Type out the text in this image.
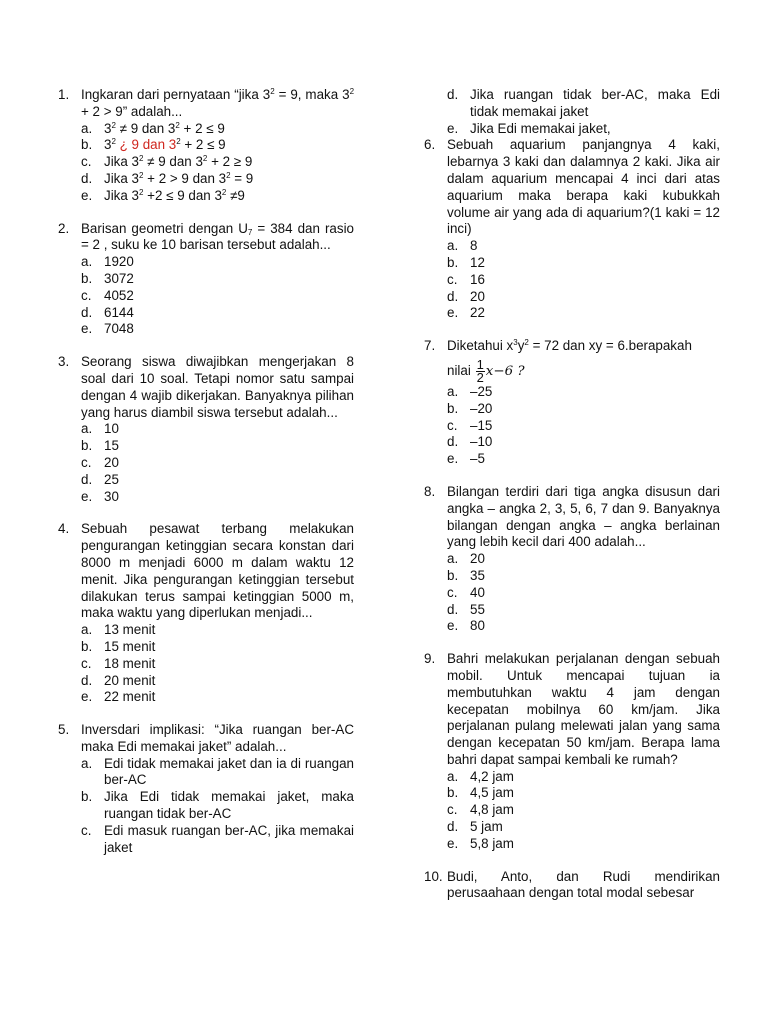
1. Ingkaran dari pernyataan “jika $3^2 = 9$, maka $3^2 + 2 > 9$” adalah...
a. $3^2 \ne 9$ dan $3^2 + 2 \le 9$
b. $3^2$ ¿ 9 dan $3^2 + 2 \le 9$
c. Jika $3^2 \ne 9$ dan $3^2 + 2 \ge 9$
d. Jika $3^2 + 2 > 9$ dan $3^2 = 9$
e. Jika $3^2 +2 \le 9$ dan $3^2 \ne 9$
2. Barisan geometri dengan $U_7 = 384$ dan rasio = 2 , suku ke 10 barisan tersebut adalah...
a. 1920
b. 3072
c. 4052
d. 6144
e. 7048
3. Seorang siswa diwajibkan mengerjakan 8 soal dari 10 soal. Tetapi nomor satu sampai dengan 4 wajib dikerjakan. Banyaknya pilihan yang harus diambil siswa tersebut adalah...
a. 10
b. 15
c. 20
d. 25
e. 30
4. Sebuah pesawat terbang melakukan pengurangan ketinggian secara konstan dari 8000 m menjadi 6000 m dalam waktu 12 menit. Jika pengurangan ketinggian tersebut dilakukan terus sampai ketinggian 5000 m, maka waktu yang diperlukan menjadi...
a. 13 menit
b. 15 menit
c. 18 menit
d. 20 menit
e. 22 menit
5. Inversdari implikasi: “Jika ruangan ber-AC maka Edi memakai jaket” adalah...
a. Edi tidak memakai jaket dan ia di ruangan ber-AC
b. Jika Edi tidak memakai jaket, maka ruangan tidak ber-AC
c. Edi masuk ruangan ber-AC, jika memakai jaket
d. Jika ruangan tidak ber-AC, maka Edi tidak memakai jaket
e. Jika Edi memakai jaket,
6. Sebuah aquarium panjangnya 4 kaki, lebarnya 3 kaki dan dalamnya 2 kaki. Jika air dalam aquarium mencapai 4 inci dari atas aquarium maka berapa kaki kubukkah volume air yang ada di aquarium?(1 kaki = 12 inci)
a. 8
b. 12
c. 16
d. 20
e. 22
7. Diketahui $x^3y^2 = 72$ dan xy = 6.berapakah
nilai $\frac{1}{2} x-6$ ?
a. –25
b. –20
c. –15
d. –10
e. –5
8. Bilangan terdiri dari tiga angka disusun dari angka – angka 2, 3, 5, 6, 7 dan 9. Banyaknya bilangan dengan angka – angka berlainan yang lebih kecil dari 400 adalah...
a. 20
b. 35
c. 40
d. 55
e. 80
9. Bahri melakukan perjalanan dengan sebuah mobil. Untuk mencapai tujuan ia membutuhkan waktu 4 jam dengan kecepatan mobilnya 60 km/jam. Jika perjalanan pulang melewati jalan yang sama dengan kecepatan 50 km/jam. Berapa lama bahri dapat sampai kembali ke rumah?
a. 4,2 jam
b. 4,5 jam
c. 4,8 jam
d. 5 jam
e. 5,8 jam
10. Budi, Anto, dan Rudi mendirikan perusaahaan dengan total modal sebesar
